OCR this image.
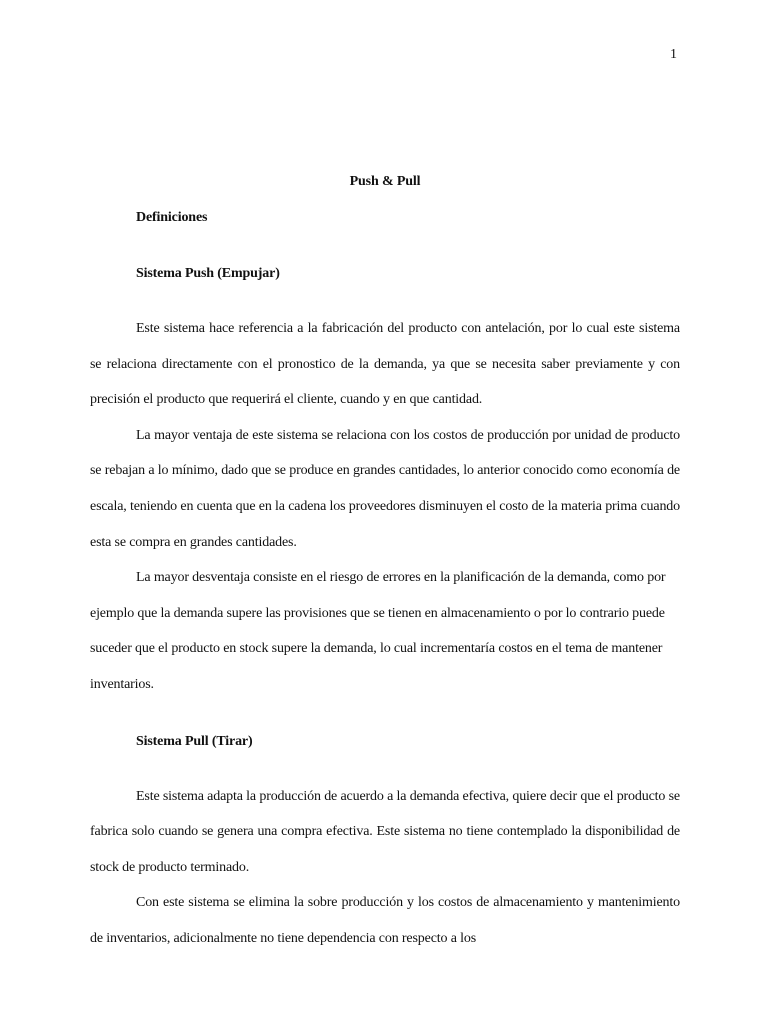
1

Push & Pull

Definiciones

Sistema Push (Empujar)

Este sistema hace referencia a la fabricación del producto con antelación, por lo cual este sistema se relaciona directamente con el pronostico de la demanda, ya que se necesita saber previamente y con precisión el producto que requerirá el cliente, cuando y en que cantidad.

La mayor ventaja de este sistema se relaciona con los costos de producción por unidad de producto se rebajan a lo mínimo, dado que se produce en grandes cantidades, lo anterior conocido como economía de escala, teniendo en cuenta que en la cadena los proveedores disminuyen el costo de la materia prima cuando esta se compra en grandes cantidades.

La mayor desventaja consiste en el riesgo de errores en la planificación de la demanda, como por ejemplo que la demanda supere las provisiones que se tienen en almacenamiento o por lo contrario puede suceder que el producto en stock supere la demanda, lo cual incrementaría costos en el tema de mantener inventarios.

Sistema Pull (Tirar)

Este sistema adapta la producción de acuerdo a la demanda efectiva, quiere decir que el producto se fabrica solo cuando se genera una compra efectiva. Este sistema no tiene contemplado la disponibilidad de stock de producto terminado.

Con este sistema se elimina la sobre producción y los costos de almacenamiento y mantenimiento de inventarios, adicionalmente no tiene dependencia con respecto a los
